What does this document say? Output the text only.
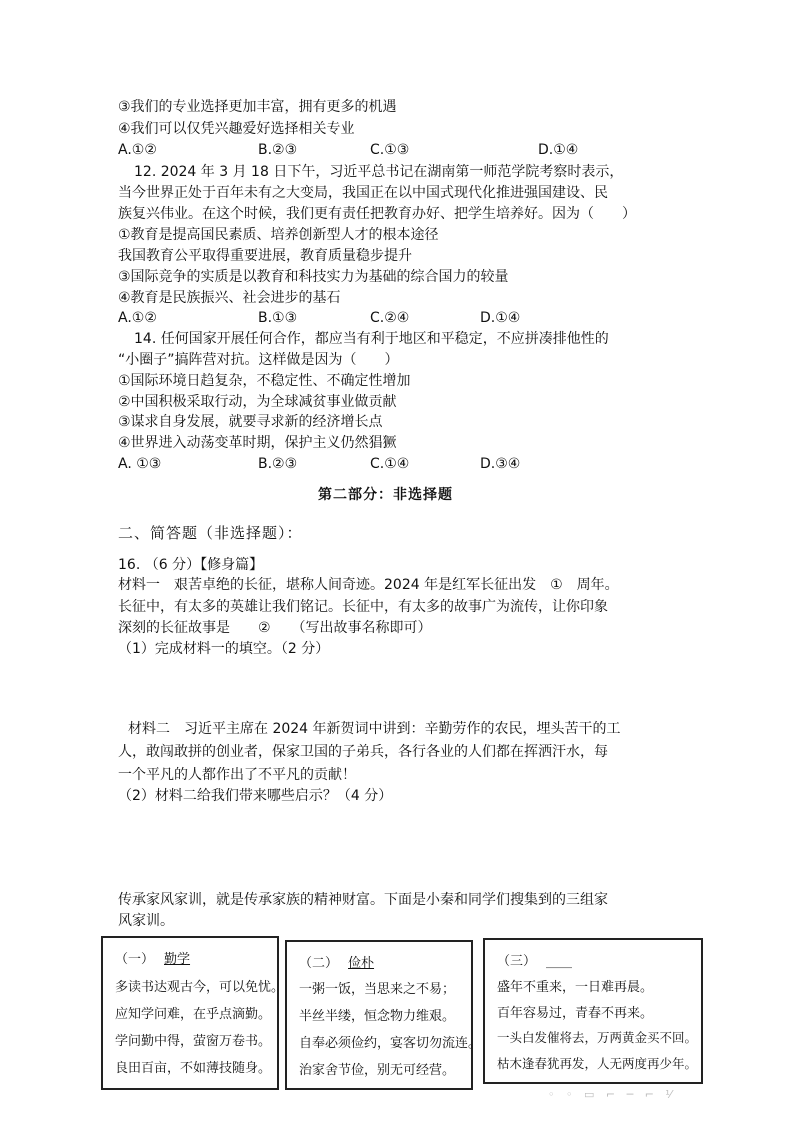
③我们的专业选择更加丰富，拥有更多的机遇
④我们可以仅凭兴趣爱好选择相关专业
A.①②	B.②③	C.①③	D.①④
12. 2024 年 3 月 18 日下午，习近平总书记在湖南第一师范学院考察时表示，
当今世界正处于百年未有之大变局，我国正在以中国式现代化推进强国建设、民
族复兴伟业。在这个时候，我们更有责任把教育办好、把学生培养好。因为（　　）
①教育是提高国民素质、培养创新型人才的根本途径
我国教育公平取得重要进展，教育质量稳步提升
③国际竞争的实质是以教育和科技实力为基础的综合国力的较量
④教育是民族振兴、社会进步的基石
A.①②	B.①③	C.②④	D.①④
14. 任何国家开展任何合作，都应当有利于地区和平稳定，不应拼凑排他性的
“小圈子”搞阵营对抗。这样做是因为（　　）
①国际环境日趋复杂，不稳定性、不确定性增加
②中国积极采取行动，为全球减贫事业做贡献
③谋求自身发展，就要寻求新的经济增长点
④世界进入动荡变革时期，保护主义仍然猖獗
A. ①③	B.②③	C.①④	D.③④
第二部分：非选择题
二、简答题（非选择题）：
16. （6 分）【修身篇】
材料一　艰苦卓绝的长征，堪称人间奇迹。2024 年是红军长征出发　①　周年。
长征中，有太多的英雄让我们铭记。长征中，有太多的故事广为流传，让你印象
深刻的长征故事是　　②　　（写出故事名称即可）
（1）完成材料一的填空。（2 分）
材料二　习近平主席在 2024 年新贺词中讲到：辛勤劳作的农民，埋头苦干的工
人，敢闯敢拼的创业者，保家卫国的子弟兵，各行各业的人们都在挥洒汗水，每
一个平凡的人都作出了不平凡的贡献！
（2）材料二给我们带来哪些启示？（4 分）
传承家风家训，就是传承家族的精神财富。下面是小秦和同学们搜集到的三组家
风家训。
（一） 勤学
多读书达观古今，可以免忧。
应知学问难，在乎点滴勤。
学问勤中得，萤窗万卷书。
良田百亩，不如薄技随身。
（二） 俭朴
一粥一饭，当思来之不易；
半丝半缕，恒念物力维艰。
自奉必须俭约，宴客切勿流连。
治家舍节俭，别无可经营。
（三） ____
盛年不重来，一日难再晨。
百年容易过，青春不再来。
一头白发催将去，万两黄金买不回。
枯木逢春犹再发，人无两度再少年。
◦ ◦ ▭ ⌐ ─ ⌐ ⅟
